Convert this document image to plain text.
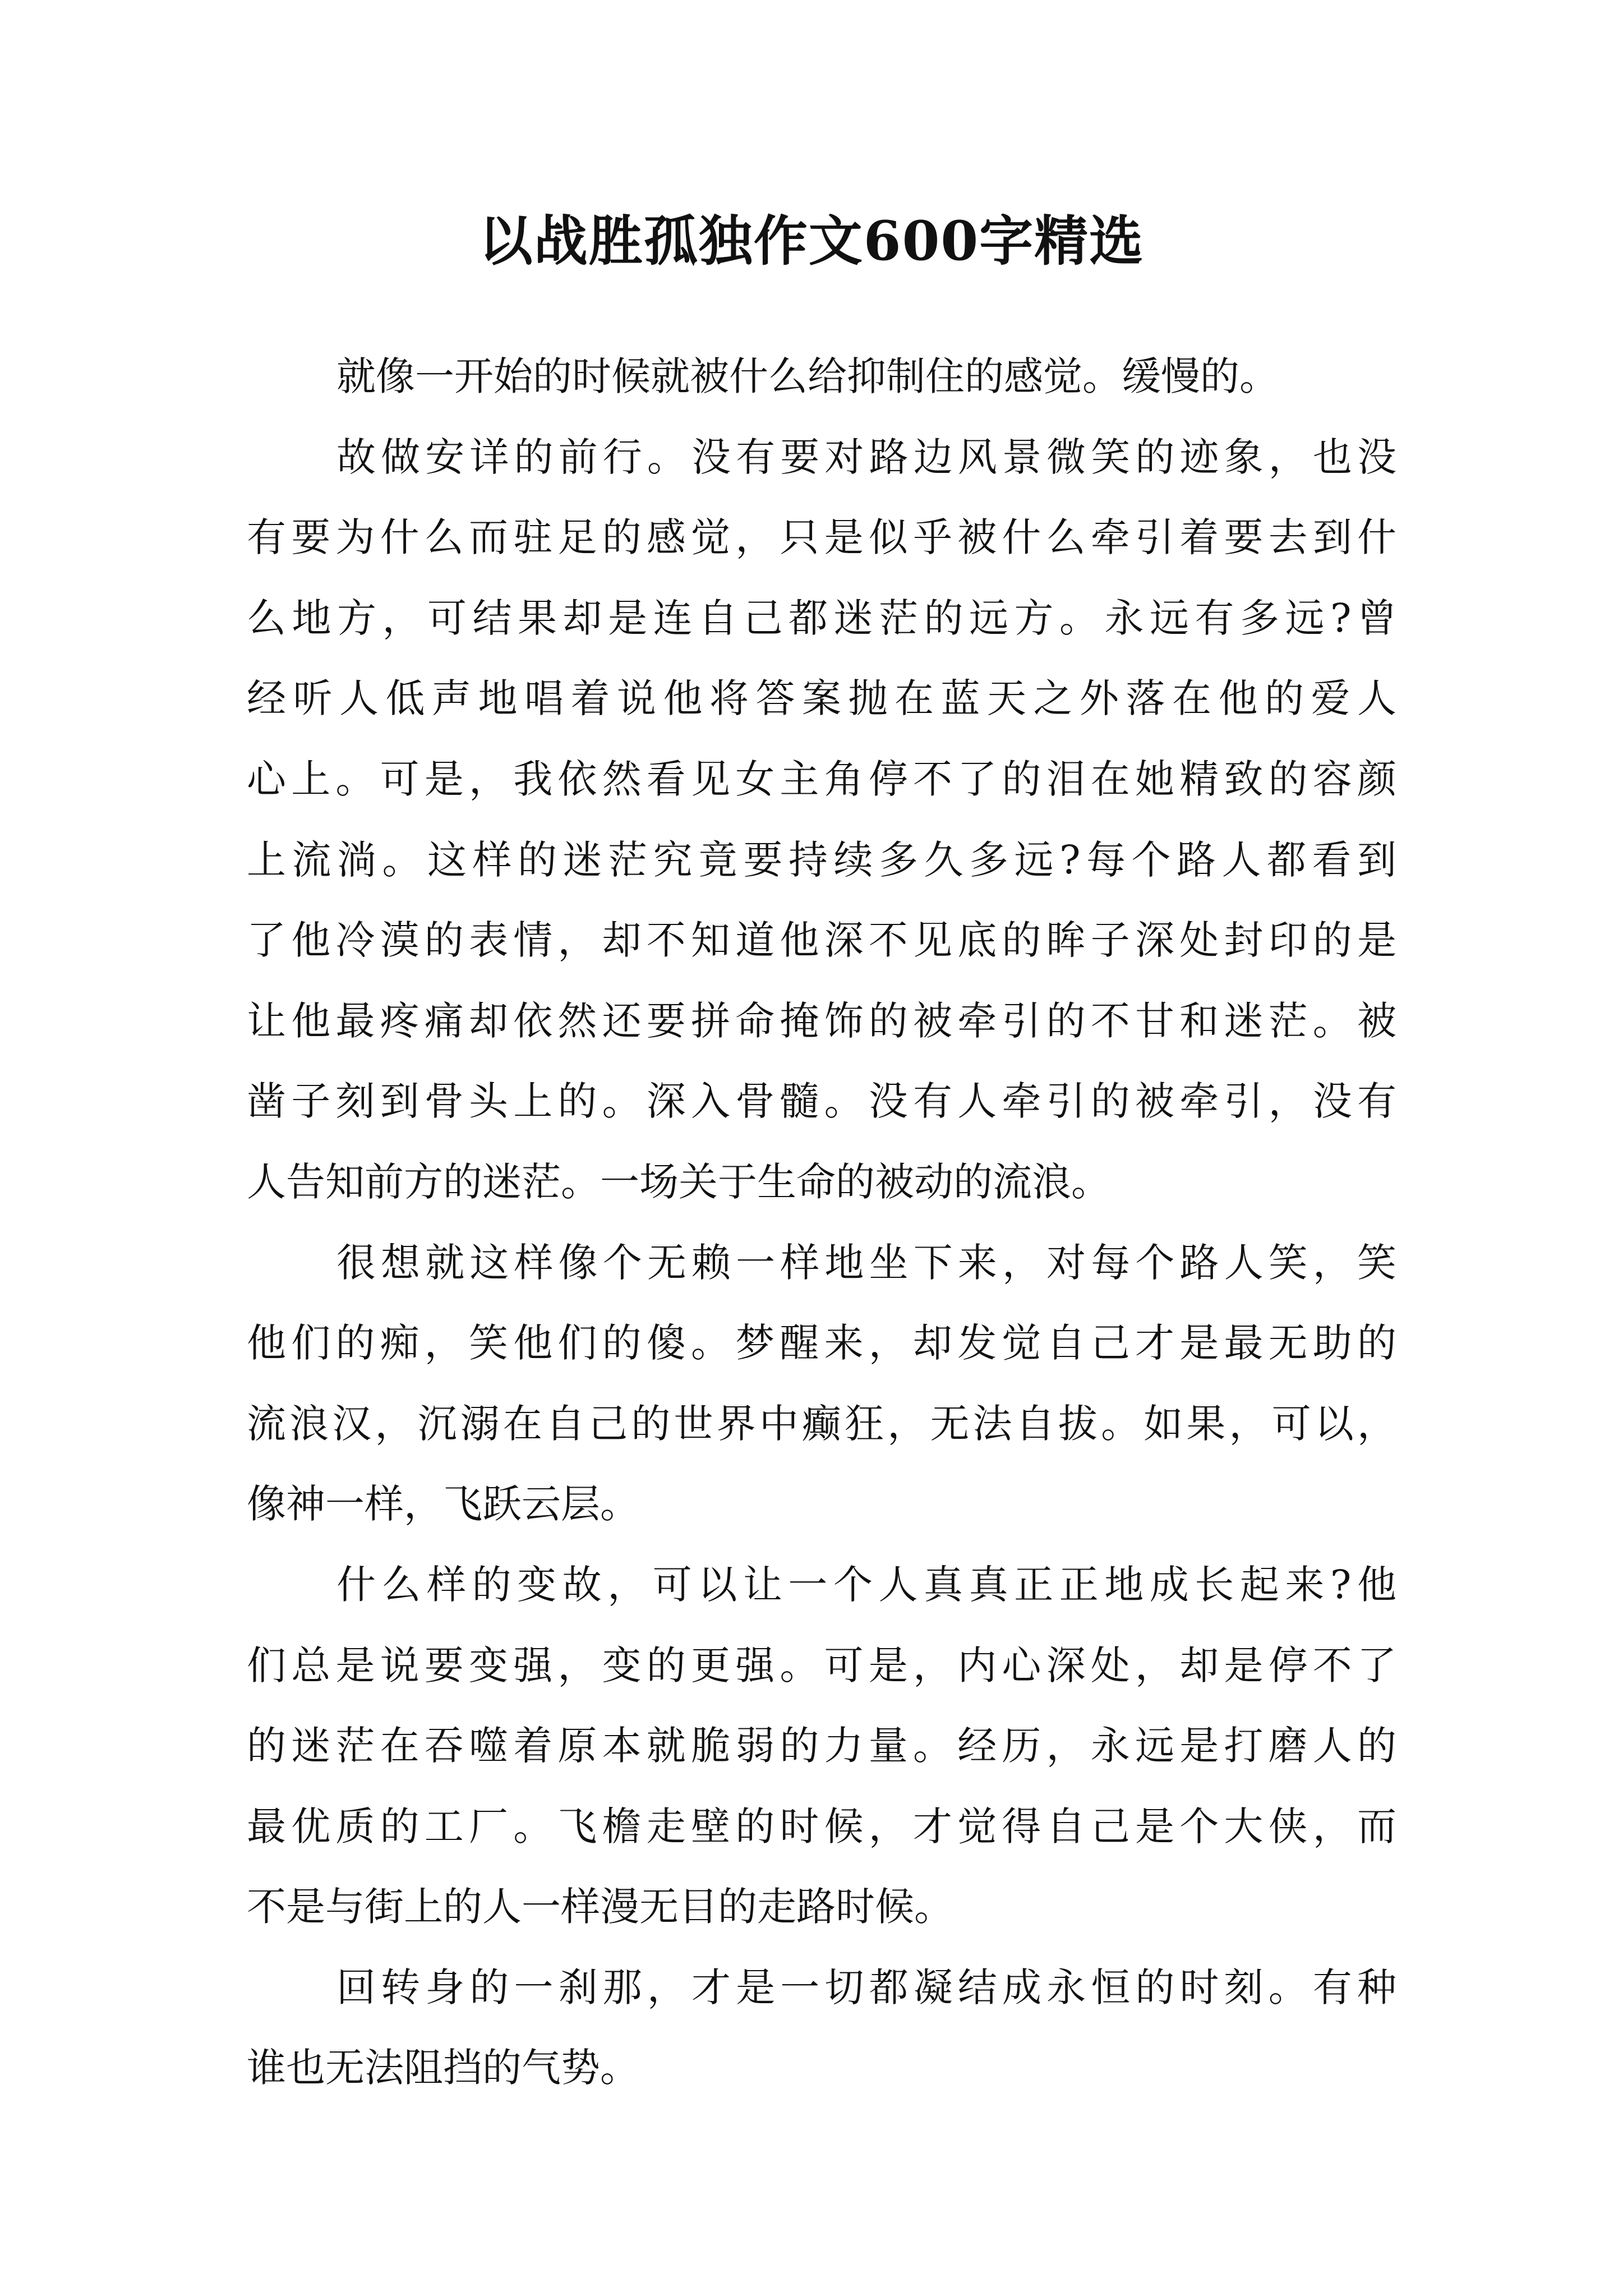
以战胜孤独作文600字精选

就像一开始的时候就被什么给抑制住的感觉。缓慢的。

故做安详的前行。没有要对路边风景微笑的迹象，也没
有要为什么而驻足的感觉，只是似乎被什么牵引着要去到什
么地方，可结果却是连自己都迷茫的远方。永远有多远?曾
经听人低声地唱着说他将答案抛在蓝天之外落在他的爱人
心上。可是，我依然看见女主角停不了的泪在她精致的容颜
上流淌。这样的迷茫究竟要持续多久多远?每个路人都看到
了他冷漠的表情，却不知道他深不见底的眸子深处封印的是
让他最疼痛却依然还要拼命掩饰的被牵引的不甘和迷茫。被
凿子刻到骨头上的。深入骨髓。没有人牵引的被牵引，没有
人告知前方的迷茫。一场关于生命的被动的流浪。

很想就这样像个无赖一样地坐下来，对每个路人笑，笑
他们的痴，笑他们的傻。梦醒来，却发觉自己才是最无助的
流浪汉，沉溺在自己的世界中癫狂，无法自拔。如果，可以，
像神一样，飞跃云层。

什么样的变故，可以让一个人真真正正地成长起来?他
们总是说要变强，变的更强。可是，内心深处，却是停不了
的迷茫在吞噬着原本就脆弱的力量。经历，永远是打磨人的
最优质的工厂。飞檐走壁的时候，才觉得自己是个大侠，而
不是与街上的人一样漫无目的走路时候。

回转身的一刹那，才是一切都凝结成永恒的时刻。有种
谁也无法阻挡的气势。
